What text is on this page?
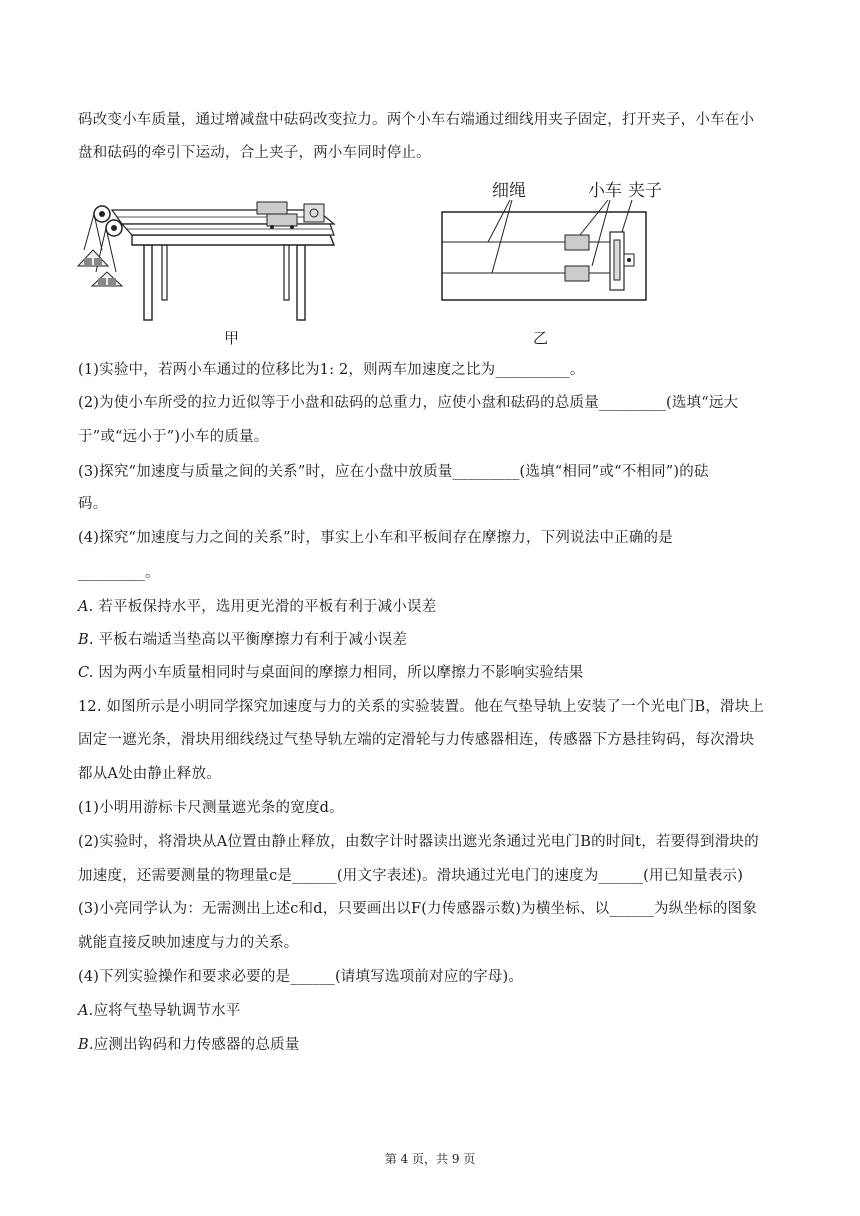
码改变小车质量，通过增减盘中砝码改变拉力。两个小车右端通过细线用夹子固定，打开夹子，小车在小
盘和砝码的牵引下运动，合上夹子，两小车同时停止。
甲
细绳	小车 夹子
乙
(1)实验中，若两小车通过的位移比为1: 2，则两车加速度之比为__________。
(2)为使小车所受的拉力近似等于小盘和砝码的总重力，应使小盘和砝码的总质量_________(选填“远大
于”或“远小于”)小车的质量。
(3)探究“加速度与质量之间的关系”时，应在小盘中放质量_________(选填“相同”或“不相同”)的砝
码。
(4)探究“加速度与力之间的关系”时，事实上小车和平板间存在摩擦力，下列说法中正确的是
_________。
A. 若平板保持水平，选用更光滑的平板有利于减小误差
B. 平板右端适当垫高以平衡摩擦力有利于减小误差
C. 因为两小车质量相同时与桌面间的摩擦力相同，所以摩擦力不影响实验结果
12. 如图所示是小明同学探究加速度与力的关系的实验装置。他在气垫导轨上安装了一个光电门B，滑块上
固定一遮光条，滑块用细线绕过气垫导轨左端的定滑轮与力传感器相连，传感器下方悬挂钩码，每次滑块
都从A处由静止释放。
(1)小明用游标卡尺测量遮光条的宽度d。
(2)实验时，将滑块从A位置由静止释放，由数字计时器读出遮光条通过光电门B的时间t，若要得到滑块的
加速度，还需要测量的物理量c是______(用文字表述)。滑块通过光电门的速度为______(用已知量表示)
(3)小亮同学认为：无需测出上述c和d，只要画出以F(力传感器示数)为横坐标、以______为纵坐标的图象
就能直接反映加速度与力的关系。
(4)下列实验操作和要求必要的是______(请填写选项前对应的字母)。
A.应将气垫导轨调节水平
B.应测出钩码和力传感器的总质量
第 4 页，共 9 页
